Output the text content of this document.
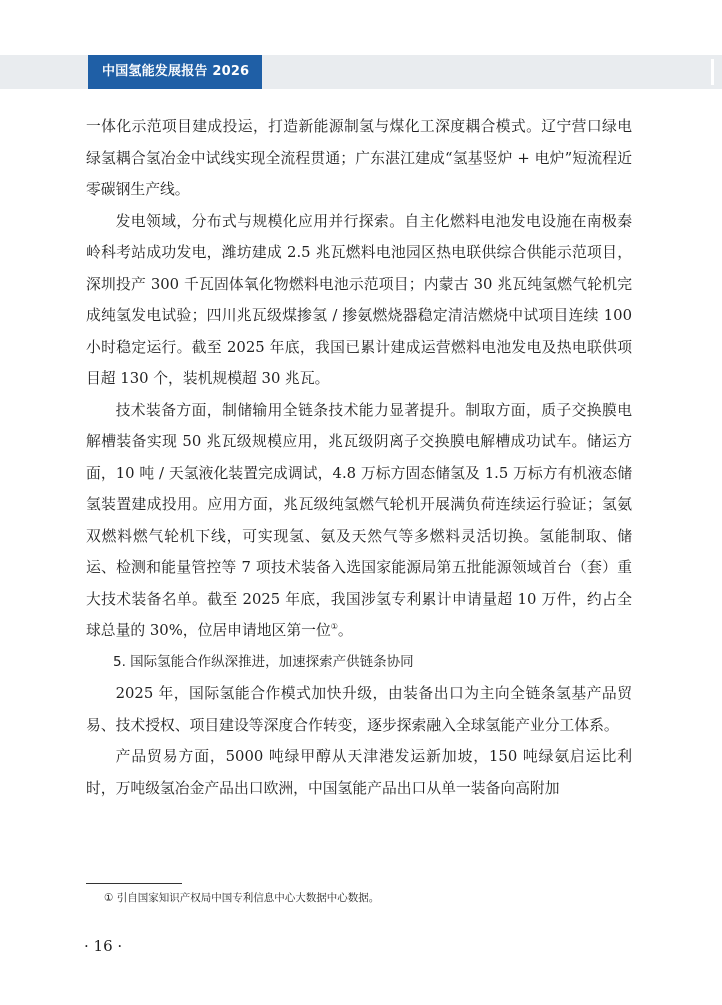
中国氢能发展报告 2026

一体化示范项目建成投运，打造新能源制氢与煤化工深度耦合模式。辽宁营口绿电绿氢耦合氢冶金中试线实现全流程贯通；广东湛江建成“氢基竖炉 + 电炉”短流程近零碳钢生产线。

发电领域，分布式与规模化应用并行探索。自主化燃料电池发电设施在南极秦岭科考站成功发电，潍坊建成 2.5 兆瓦燃料电池园区热电联供综合供能示范项目，深圳投产 300 千瓦固体氧化物燃料电池示范项目；内蒙古 30 兆瓦纯氢燃气轮机完成纯氢发电试验；四川兆瓦级煤掺氢 / 掺氨燃烧器稳定清洁燃烧中试项目连续 100 小时稳定运行。截至 2025 年底，我国已累计建成运营燃料电池发电及热电联供项目超 130 个，装机规模超 30 兆瓦。

技术装备方面，制储输用全链条技术能力显著提升。制取方面，质子交换膜电解槽装备实现 50 兆瓦级规模应用，兆瓦级阴离子交换膜电解槽成功试车。储运方面，10 吨 / 天氢液化装置完成调试，4.8 万标方固态储氢及 1.5 万标方有机液态储氢装置建成投用。应用方面，兆瓦级纯氢燃气轮机开展满负荷连续运行验证；氢氨双燃料燃气轮机下线，可实现氢、氨及天然气等多燃料灵活切换。氢能制取、储运、检测和能量管控等 7 项技术装备入选国家能源局第五批能源领域首台（套）重大技术装备名单。截至 2025 年底，我国涉氢专利累计申请量超 10 万件，约占全球总量的 30%，位居申请地区第一位①。

5. 国际氢能合作纵深推进，加速探索产供链条协同

2025 年，国际氢能合作模式加快升级，由装备出口为主向全链条氢基产品贸易、技术授权、项目建设等深度合作转变，逐步探索融入全球氢能产业分工体系。

产品贸易方面，5000 吨绿甲醇从天津港发运新加坡，150 吨绿氨启运比利时，万吨级氢冶金产品出口欧洲，中国氢能产品出口从单一装备向高附加

① 引自国家知识产权局中国专利信息中心大数据中心数据。
· 16 ·
